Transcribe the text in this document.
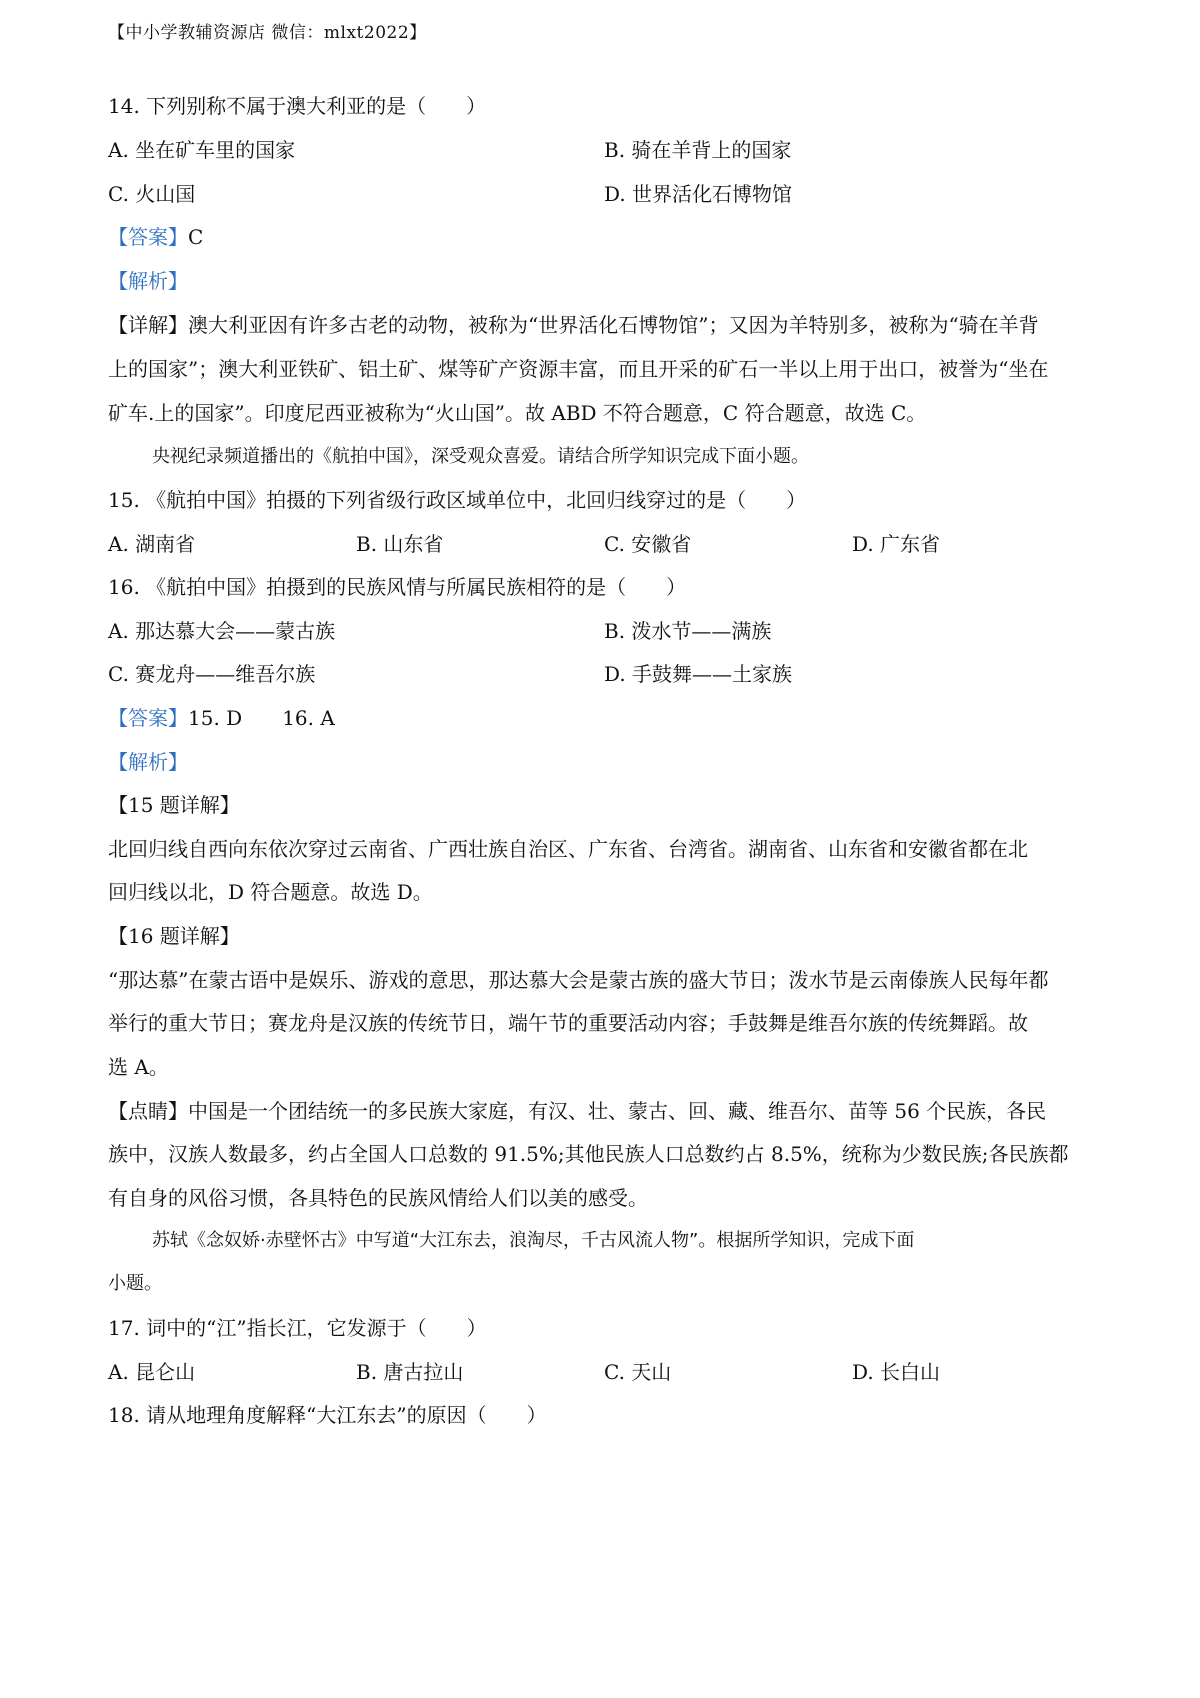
【中小学教辅资源店 微信：mlxt2022】
14. 下列别称不属于澳大利亚的是（　　）
A. 坐在矿车里的国家	B. 骑在羊背上的国家
C. 火山国	D. 世界活化石博物馆
【答案】C
【解析】
【详解】澳大利亚因有许多古老的动物，被称为“世界活化石博物馆”；又因为羊特别多，被称为“骑在羊背
上的国家”；澳大利亚铁矿、铝土矿、煤等矿产资源丰富，而且开采的矿石一半以上用于出口，被誉为“坐在
矿车.上的国家”。印度尼西亚被称为“火山国”。故 ABD 不符合题意，C 符合题意，故选 C。
央视纪录频道播出的《航拍中国》，深受观众喜爱。请结合所学知识完成下面小题。
15. 《航拍中国》拍摄的下列省级行政区域单位中，北回归线穿过的是（　　）
A. 湖南省	B. 山东省	C. 安徽省	D. 广东省
16. 《航拍中国》拍摄到的民族风情与所属民族相符的是（　　）
A. 那达慕大会——蒙古族	B. 泼水节——满族
C. 赛龙舟——维吾尔族	D. 手鼓舞——土家族
【答案】15. D　　16. A
【解析】
【15 题详解】
北回归线自西向东依次穿过云南省、广西壮族自治区、广东省、台湾省。湖南省、山东省和安徽省都在北
回归线以北，D 符合题意。故选 D。
【16 题详解】
“那达慕”在蒙古语中是娱乐、游戏的意思，那达慕大会是蒙古族的盛大节日；泼水节是云南傣族人民每年都
举行的重大节日；赛龙舟是汉族的传统节日，端午节的重要活动内容；手鼓舞是维吾尔族的传统舞蹈。故
选 A。
【点睛】中国是一个团结统一的多民族大家庭，有汉、壮、蒙古、回、藏、维吾尔、苗等 56 个民族，各民
族中，汉族人数最多，约占全国人口总数的 91.5%;其他民族人口总数约占 8.5%，统称为少数民族;各民族都
有自身的风俗习惯，各具特色的民族风情给人们以美的感受。
苏轼《念奴娇·赤壁怀古》中写道“大江东去，浪淘尽，千古风流人物”。根据所学知识，完成下面
小题。
17. 词中的“江”指长江，它发源于（　　）
A. 昆仑山	B. 唐古拉山	C. 天山	D. 长白山
18. 请从地理角度解释“大江东去”的原因（　　）
